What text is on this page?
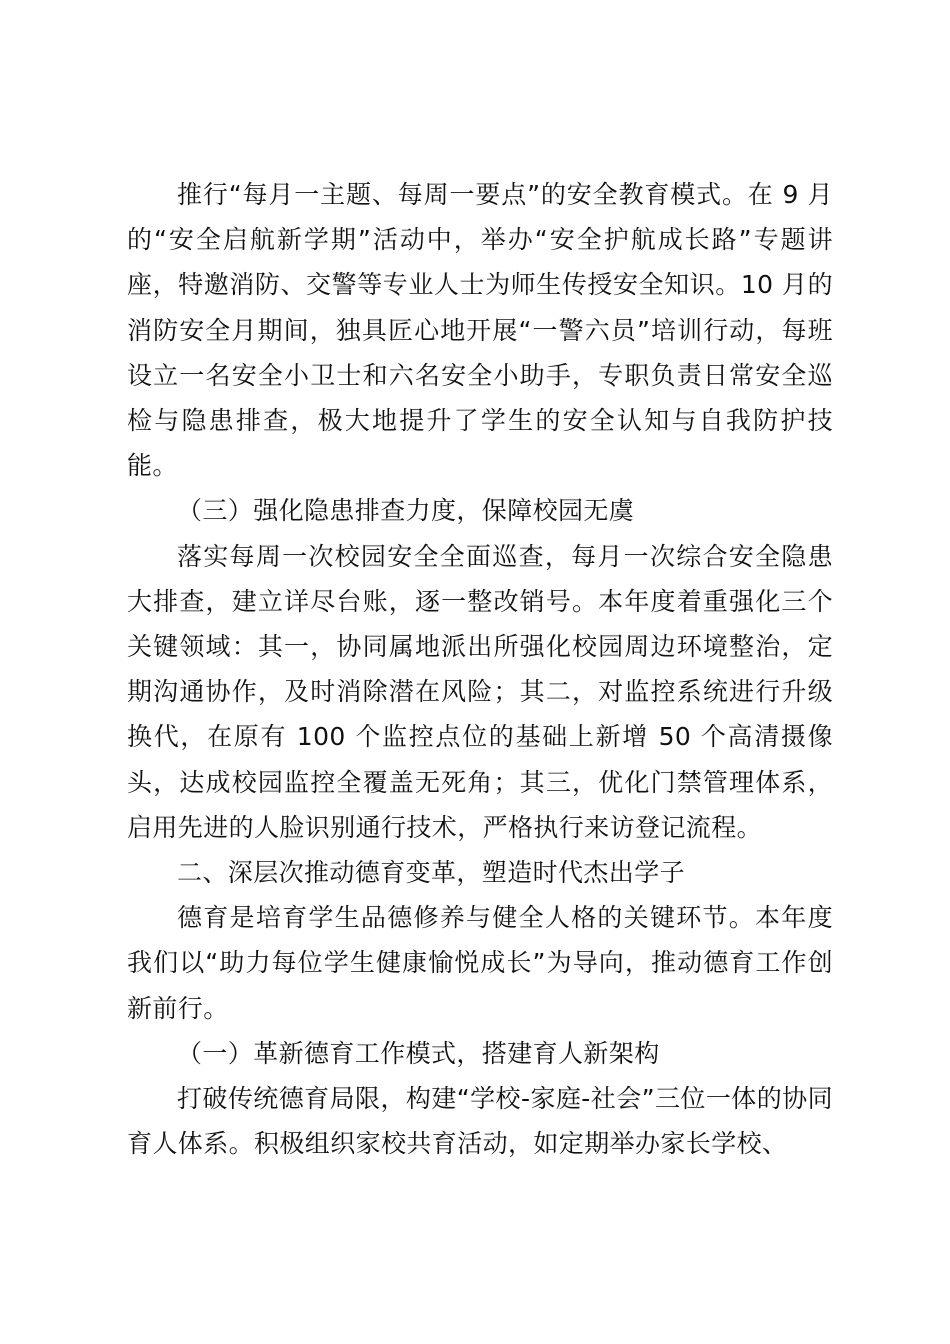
推行“每月一主题、每周一要点”的安全教育模式。在 9 月的“安全启航新学期”活动中，举办“安全护航成长路”专题讲座，特邀消防、交警等专业人士为师生传授安全知识。10 月的消防安全月期间，独具匠心地开展“一警六员”培训行动，每班设立一名安全小卫士和六名安全小助手，专职负责日常安全巡检与隐患排查，极大地提升了学生的安全认知与自我防护技能。

（三）强化隐患排查力度，保障校园无虞

落实每周一次校园安全全面巡查，每月一次综合安全隐患大排查，建立详尽台账，逐一整改销号。本年度着重强化三个关键领域：其一，协同属地派出所强化校园周边环境整治，定期沟通协作，及时消除潜在风险；其二，对监控系统进行升级换代，在原有 100 个监控点位的基础上新增 50 个高清摄像头，达成校园监控全覆盖无死角；其三，优化门禁管理体系，启用先进的人脸识别通行技术，严格执行来访登记流程。

二、深层次推动德育变革，塑造时代杰出学子

德育是培育学生品德修养与健全人格的关键环节。本年度我们以“助力每位学生健康愉悦成长”为导向，推动德育工作创新前行。

（一）革新德育工作模式，搭建育人新架构

打破传统德育局限，构建“学校-家庭-社会”三位一体的协同育人体系。积极组织家校共育活动，如定期举办家长学校、
